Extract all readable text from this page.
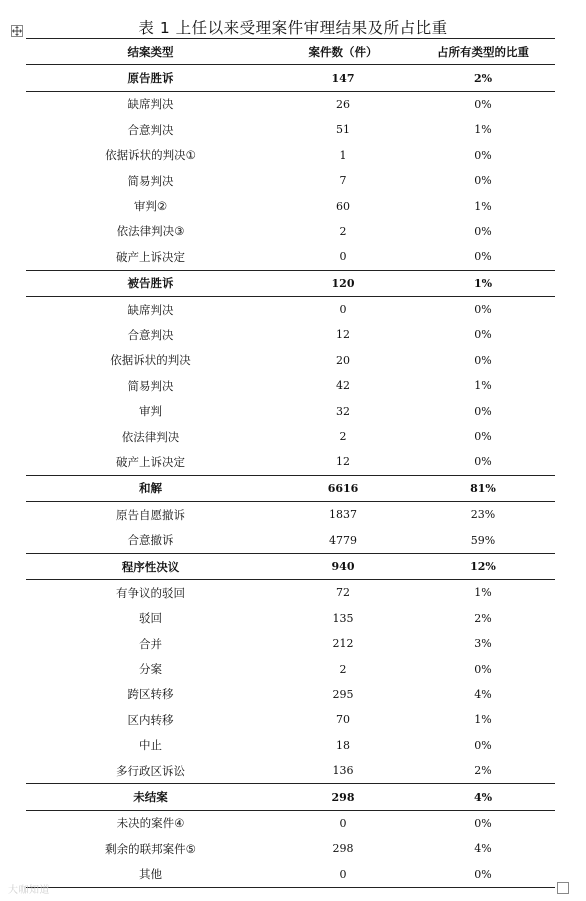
表 1 上任以来受理案件审理结果及所占比重
结案类型	案件数（件）	占所有类型的比重
原告胜诉	147	2%
缺席判决	26	0%
合意判决	51	1%
依据诉状的判决①	1	0%
简易判决	7	0%
审判②	60	1%
依法律判决③	2	0%
破产上诉决定	0	0%
被告胜诉	120	1%
缺席判决	0	0%
合意判决	12	0%
依据诉状的判决	20	0%
简易判决	42	1%
审判	32	0%
依法律判决	2	0%
破产上诉决定	12	0%
和解	6616	81%
原告自愿撤诉	1837	23%
合意撤诉	4779	59%
程序性决议	940	12%
有争议的驳回	72	1%
驳回	135	2%
合并	212	3%
分案	2	0%
跨区转移	295	4%
区内转移	70	1%
中止	18	0%
多行政区诉讼	136	2%
未结案	298	4%
未决的案件④	0	0%
剩余的联邦案件⑤	298	4%
其他	0	0%
大咖知道
